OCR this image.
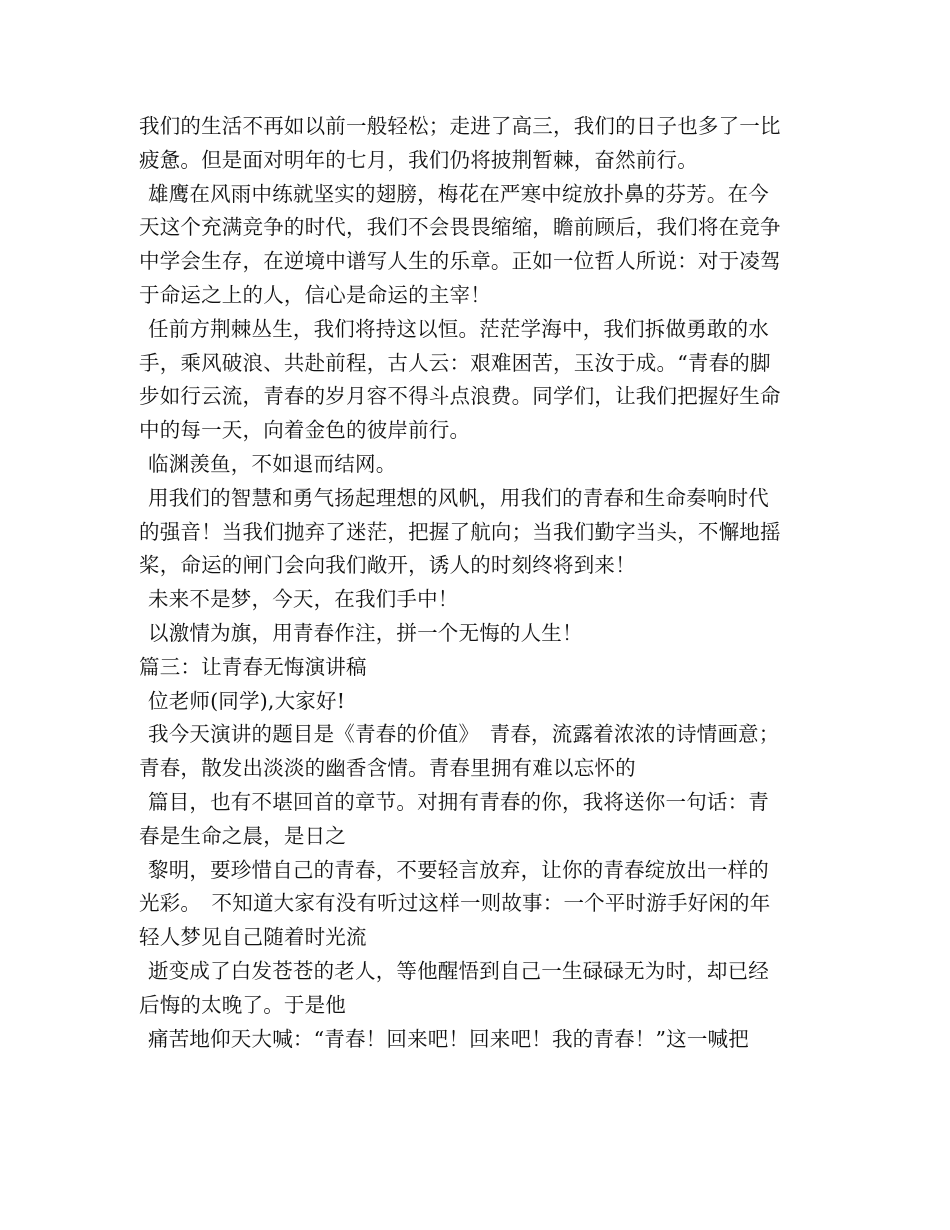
我们的生活不再如以前一般轻松；走进了高三，我们的日子也多了一比
疲惫。但是面对明年的七月，我们仍将披荆暂棘，奋然前行。
雄鹰在风雨中练就坚实的翅膀，梅花在严寒中绽放扑鼻的芬芳。在今
天这个充满竞争的时代，我们不会畏畏缩缩，瞻前顾后，我们将在竞争
中学会生存，在逆境中谱写人生的乐章。正如一位哲人所说：对于凌驾
于命运之上的人，信心是命运的主宰！
任前方荆棘丛生，我们将持这以恒。茫茫学海中，我们拆做勇敢的水
手，乘风破浪、共赴前程，古人云：艰难困苦，玉汝于成。“青春的脚
步如行云流，青春的岁月容不得斗点浪费。同学们，让我们把握好生命
中的每一天，向着金色的彼岸前行。
临渊羡鱼，不如退而结网。
用我们的智慧和勇气扬起理想的风帆，用我们的青春和生命奏响时代
的强音！当我们抛弃了迷茫，把握了航向；当我们勤字当头，不懈地摇
桨，命运的闸门会向我们敞开，诱人的时刻终将到来！
未来不是梦，今天，在我们手中！
以激情为旗，用青春作注，拼一个无悔的人生！
篇三：让青春无悔演讲稿
位老师(同学),大家好!
我今天演讲的题目是《青春的价值》　青春，流露着浓浓的诗情画意；
青春，散发出淡淡的幽香含情。青春里拥有难以忘怀的
篇目，也有不堪回首的章节。对拥有青春的你，我将送你一句话：青
春是生命之晨，是日之
黎明，要珍惜自己的青春，不要轻言放弃，让你的青春绽放出一样的
光彩。　不知道大家有没有听过这样一则故事：一个平时游手好闲的年
轻人梦见自己随着时光流
逝变成了白发苍苍的老人，等他醒悟到自己一生碌碌无为时，却已经
后悔的太晚了。于是他
痛苦地仰天大喊：“青春！回来吧！回来吧！我的青春！”这一喊把
